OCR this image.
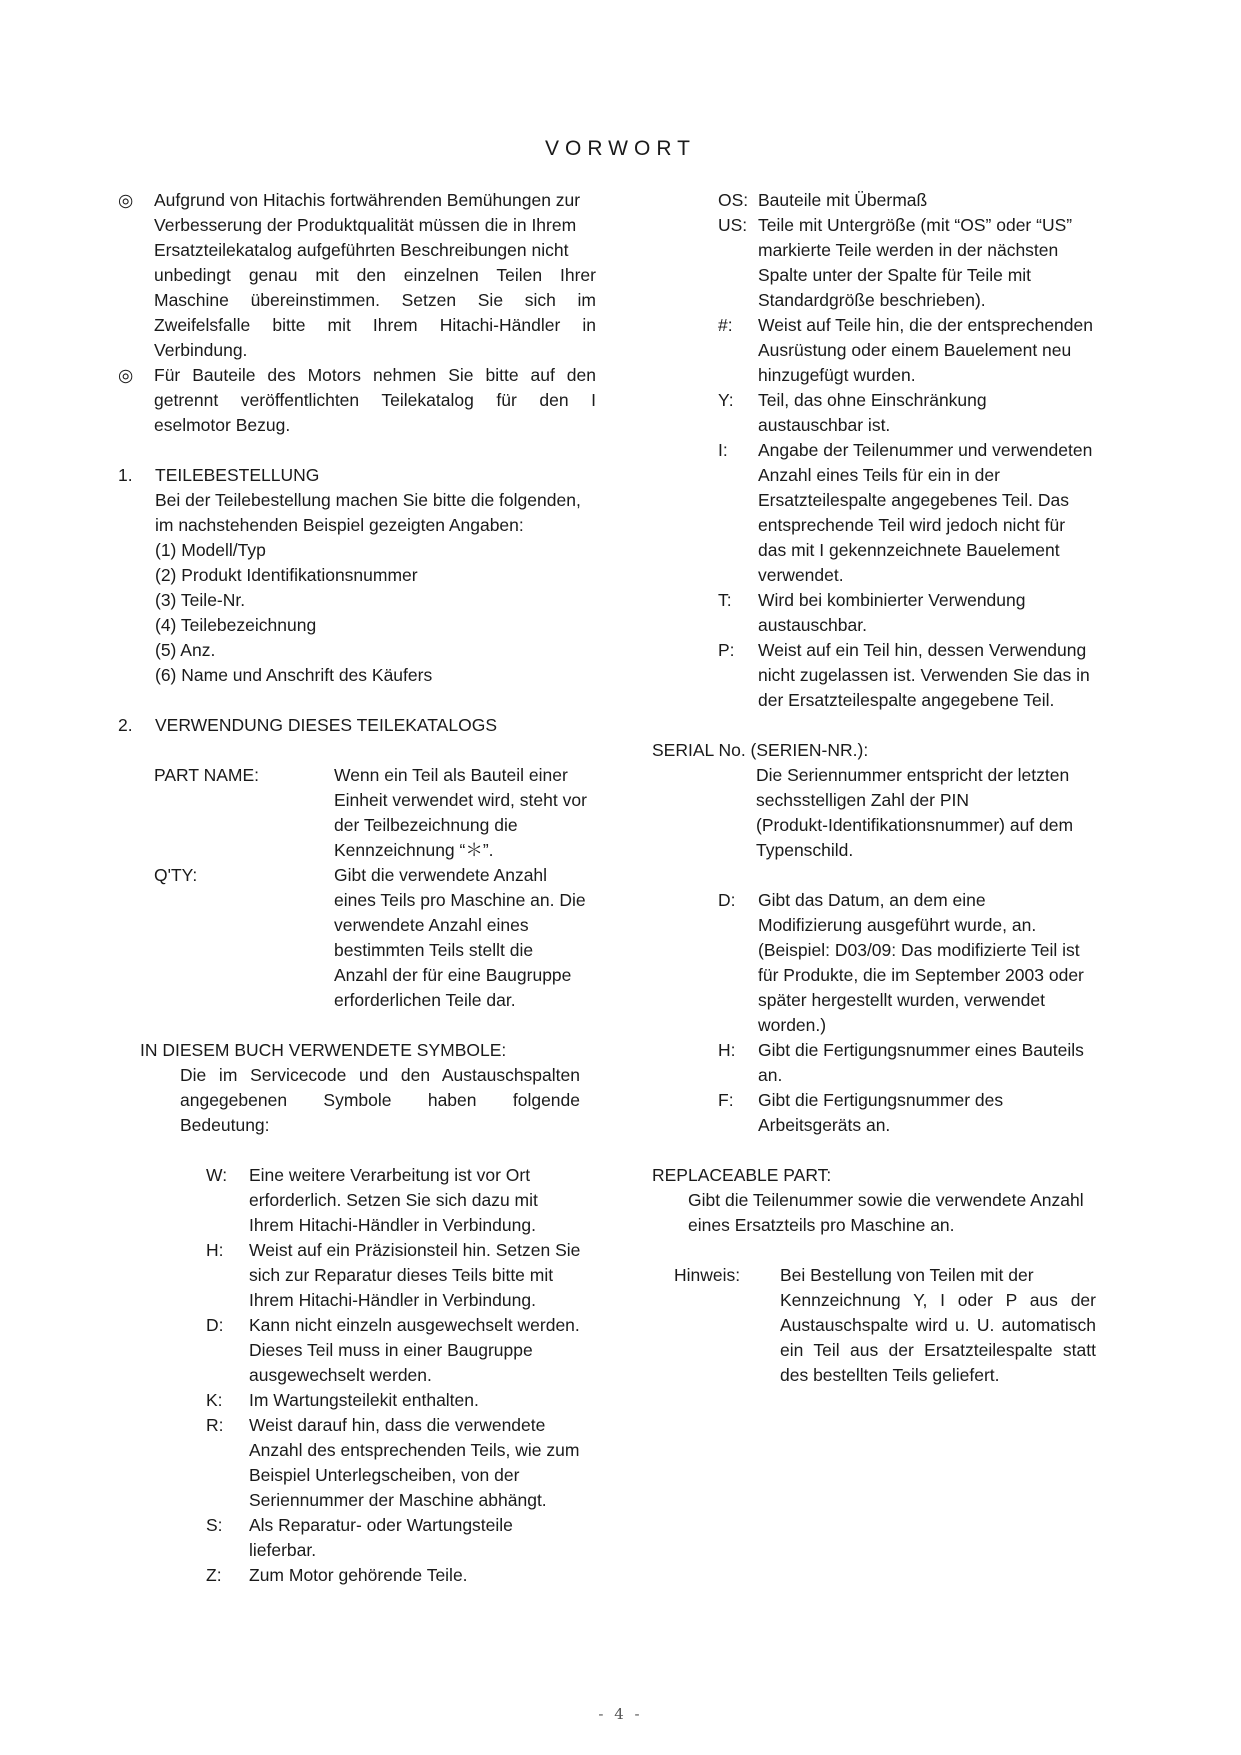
VORWORT
◎	Aufgrund von Hitachis fortwährenden Bemühungen zur
Verbesserung der Produktqualität müssen die in Ihrem
Ersatzteilekatalog aufgeführten Beschreibungen nicht
unbedingt genau mit den einzelnen Teilen Ihrer
Maschine übereinstimmen. Setzen Sie sich im
Zweifelsfalle bitte mit Ihrem Hitachi-Händler in
Verbindung.
◎	Für Bauteile des Motors nehmen Sie bitte auf den
getrennt veröffentlichten Teilekatalog für den I
eselmotor Bezug.
1.	TEILEBESTELLUNG
Bei der Teilebestellung machen Sie bitte die folgenden,
im nachstehenden Beispiel gezeigten Angaben:
(1) Modell/Typ
(2) Produkt Identifikationsnummer
(3) Teile-Nr.
(4) Teilebezeichnung
(5) Anz.
(6) Name und Anschrift des Käufers
2.	VERWENDUNG DIESES TEILEKATALOGS
PART NAME:	Wenn ein Teil als Bauteil einer
Einheit verwendet wird, steht vor
der Teilbezeichnung die
Kennzeichnung “＊”.
Q'TY:	Gibt die verwendete Anzahl
eines Teils pro Maschine an. Die
verwendete Anzahl eines
bestimmten Teils stellt die
Anzahl der für eine Baugruppe
erforderlichen Teile dar.
IN DIESEM BUCH VERWENDETE SYMBOLE:
Die im Servicecode und den Austauschspalten
angegebenen Symbole haben folgende
Bedeutung:
W:	Eine weitere Verarbeitung ist vor Ort
erforderlich. Setzen Sie sich dazu mit
Ihrem Hitachi-Händler in Verbindung.
H:	Weist auf ein Präzisionsteil hin. Setzen Sie
sich zur Reparatur dieses Teils bitte mit
Ihrem Hitachi-Händler in Verbindung.
D:	Kann nicht einzeln ausgewechselt werden.
Dieses Teil muss in einer Baugruppe
ausgewechselt werden.
K:	Im Wartungsteilekit enthalten.
R:	Weist darauf hin, dass die verwendete
Anzahl des entsprechenden Teils, wie zum
Beispiel Unterlegscheiben, von der
Seriennummer der Maschine abhängt.
S:	Als Reparatur- oder Wartungsteile
lieferbar.
Z:	Zum Motor gehörende Teile.
OS: Bauteile mit Übermaß
US: Teile mit Untergröße (mit “OS” oder “US”
markierte Teile werden in der nächsten
Spalte unter der Spalte für Teile mit
Standardgröße beschrieben).
#:	Weist auf Teile hin, die der entsprechenden
Ausrüstung oder einem Bauelement neu
hinzugefügt wurden.
Y:	Teil, das ohne Einschränkung
austauschbar ist.
I:	Angabe der Teilenummer und verwendeten
Anzahl eines Teils für ein in der
Ersatzteilespalte angegebenes Teil. Das
entsprechende Teil wird jedoch nicht für
das mit I gekennzeichnete Bauelement
verwendet.
T:	Wird bei kombinierter Verwendung
austauschbar.
P:	Weist auf ein Teil hin, dessen Verwendung
nicht zugelassen ist. Verwenden Sie das in
der Ersatzteilespalte angegebene Teil.
SERIAL No. (SERIEN-NR.):
Die Seriennummer entspricht der letzten
sechsstelligen Zahl der PIN
(Produkt-Identifikationsnummer) auf dem
Typenschild.
D:	Gibt das Datum, an dem eine
Modifizierung ausgeführt wurde, an.
(Beispiel: D03/09: Das modifizierte Teil ist
für Produkte, die im September 2003 oder
später hergestellt wurden, verwendet
worden.)
H:	Gibt die Fertigungsnummer eines Bauteils
an.
F:	Gibt die Fertigungsnummer des
Arbeitsgeräts an.
REPLACEABLE PART:
Gibt die Teilenummer sowie die verwendete Anzahl
eines Ersatzteils pro Maschine an.
Hinweis:	Bei Bestellung von Teilen mit der
Kennzeichnung Y, I oder P aus der
Austauschspalte wird u. U. automatisch
ein Teil aus der Ersatzteilespalte statt
des bestellten Teils geliefert.
- 4 -
